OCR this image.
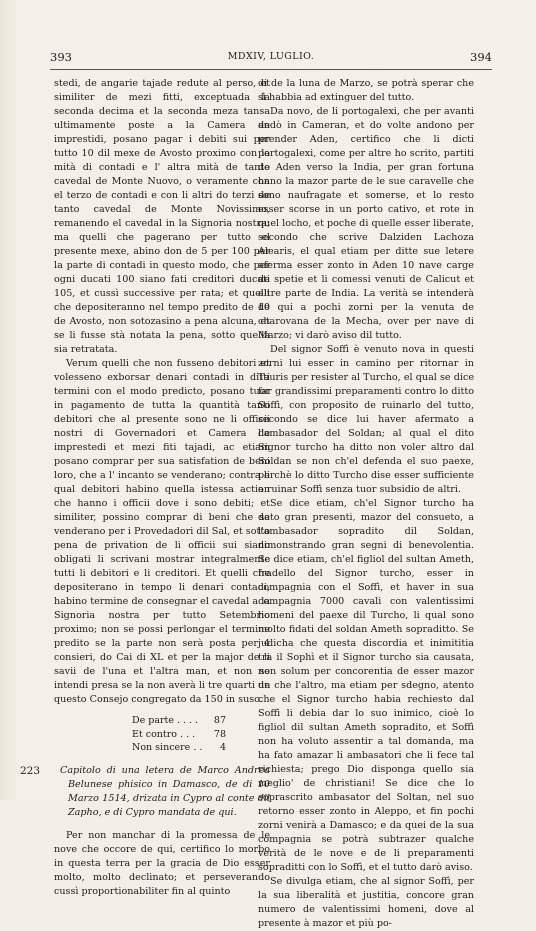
393	MDXIV, LUGLIO.	394

stedi, de angarie tajade redute al perso, et similiter de mezi fitti, exceptuada la seconda decima et la seconda meza tansa ultimamente poste a la Camera de imprestidi, posano pagar i debiti sui per tutto 10 dil mexe de Avosto proximo con la mità di contadi e l' altra mità de tanto cavedal de Monte Nuovo, o veramente con el terzo de contadi e con li altri do terzi de tanto cavedal de Monte Novissimo, remanendo el cavedal in la Signoria nostra; ma quelli che pagerano per tutto el presente mexe, abino don de 5 per 100 per la parte di contadi in questo modo, che per ogni ducati 100 siano fati creditori ducati 105, et cussì successive per rata; et quelli che depositeranno nel tempo predito de 10 de Avosto, non sotozasino a pena alcuna, et se li fusse stà notata la pena, sotto quella sia retratata.

Verum quelli che non fusseno debitori et volesseno exborsar denari contadi in ditti termini con el modo predicto, posano tuor in pagamento de tutta la quantità tanti debitori che al presente sono ne li officii nostri di Governadori et Camera de imprestedi et mezi fiti tajadi, ac etiam posano comprar per sua satisfation de beni loro, che a l' incanto se venderano; contra li qual debitori habino quella istessa action che hanno i officii dove i sono debiti; et similiter, possino comprar di beni che se venderano per i Provedadori dil Sal, et sotto pena de privation de li officii sui siano obligati li scrivani mostrar integralmente tutti li debitori e li creditori. Et quelli che depositerano in tempo li denari contadi, habino termine de consegnar el cavedal a la Signoria nostra per tutto Setembrio proximo; non se possi perlongar el termine predito se la parte non serà posta per 4 consieri, do Cai di XL et per la major de li savii de l'una et l'altra man, et non se intendi presa se la non averà li tre quarti de questo Consejo congregato da 150 in suso.

De parte . . . .	87
Et contro . . .	78
Non sincere . .	4
223	Capitolo di una letera de Marco Andrea Belunese phisico in Damasco, de di 10 Marzo 1514, drizata in Cypro al conte dil Zapho, e di Cypro mandata de qui.

Per non manchar di la promessa de le nove che occore de qui, certifico lo morbo in questa terra per la gracia de Dio esser molto, molto declinato; et perseverando cussì proportionabiliter fin al quinto

di de la luna de Marzo, se potrà sperar che sì habbia ad extinguer del tutto.

Da novo, de li portogalexi, che per avanti andò in Cameran, et do volte andono per prender Aden, certifico che li dicti portogalexi, come per altre ho scrito, partiti de Aden verso la India, per gran fortuna hano la mazor parte de le sue caravelle che sono naufragate et somerse, et lo resto esser scorse in un porto cativo, et rote in quel locho, et poche di quelle esser liberate, secondo che scrive Dalziden Lachoza Alearis, el qual etiam per ditte sue letere aferma esser zonto in Aden 10 nave carge de spetie et li comessi venuti de Calicut et altre parte de India. La verità se intenderà de qui a pochi zorni per la venuta de charovana de la Mecha, over per nave di Marzo; vi darò aviso dil tutto.

Del signor Soffì è venuto nova in questi zorni lui esser in camino per ritornar in Tauris per resister al Turcho, el qual se dice far grandissimi preparamenti contro lo ditto Soffì, con proposito de ruinarlo del tutto, secondo se dice lui haver afermato a l'ambasador del Soldan; al qual el dito Signor turcho ha ditto non voler altro dal Soldan se non ch'el defenda el suo paexe, perchè lo ditto Turcho dise esser sufficiente a ruinar Soffì senza tuor subsidio de altri.

Se dice etiam, ch'el Signor turcho ha dato gran presenti, mazor del consueto, a l'ambasador sopradito dil Soldan, dimonstrando gran segni di benevolentia. Se dice etiam, ch'el figliol del sultan Ameth, fradello del Signor turcho, esser in compagnia con el Soffì, et haver in sua compagnia 7000 cavali con valentissimi homeni del paexe dil Turcho, li qual sono molto fidati del soldan Ameth sopraditto. Se judicha che questa discordia et inimititia tra il Sophì et il Signor turcho sia causata, non solum per concorentia de esser mazor un che l'altro, ma etiam per sdegno, atento che el Signor turcho habia rechiesto dal Soffì li debia dar lo suo inimico, cioè lo figliol dil sultan Ameth sopradito, et Soffì non ha voluto assentir a tal domanda, ma ha fato amazar li ambasatori che li fece tal richiesta; prego Dio disponga quello sia meglio' de christiani! Se dice che lo soprascrito ambasator del Soltan, nel suo retorno esser zonto in Aleppo, et fin pochi zorni venirà a Damasco; e da quei de la sua compagnia se potrà subtrazer qualche verità de le nove e de li preparamenti sopraditti con lo Soffì, et el tutto darò aviso.

Se divulga etiam, che al signor Soffì, per la sua liberalità et justitia, concore gran numero de valentissimi homeni, dove al presente à mazor et più po-
